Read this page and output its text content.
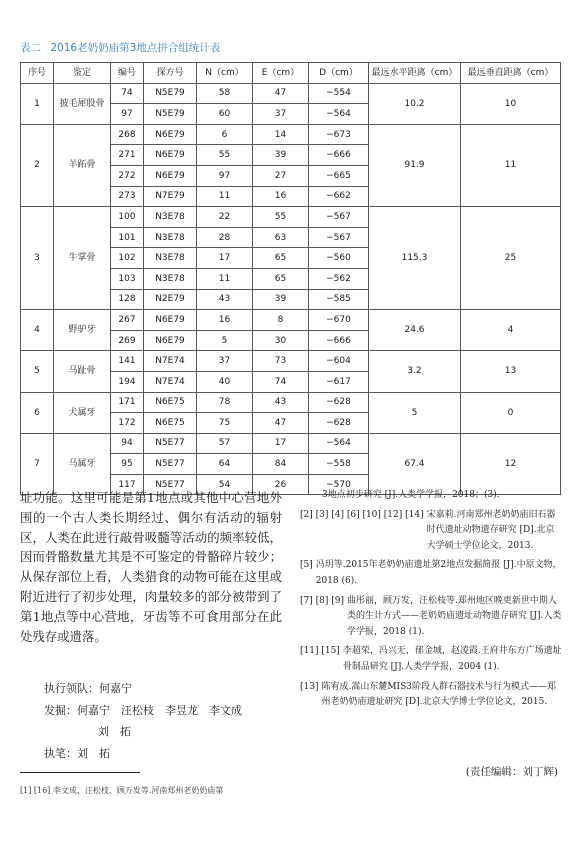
表二 2016老奶奶庙第3地点拼合组统计表
序号	鉴定	编号	探方号	N（cm）	E（cm）	D（cm）	最远水平距离（cm）	最远垂直距离（cm）
1	披毛犀股骨	74	N5E79	58	47	−554	10.2	10
		97	N5E79	60	37	−564		
2	羊跖骨	268	N6E79	6	14	−673	91.9	11
		271	N6E79	55	39	−666		
		272	N6E79	97	27	−665		
		273	N7E79	11	16	−662		
3	牛掌骨	100	N3E78	22	55	−567	115.3	25
		101	N3E78	28	63	−567		
		102	N3E78	17	65	−560		
		103	N3E78	11	65	−562		
		128	N2E79	43	39	−585		
4	野驴牙	267	N6E79	16	8	−670	24.6	4
		269	N6E79	5	30	−666		
5	马趾骨	141	N7E74	37	73	−604	3.2	13
		194	N7E74	40	74	−617		
6	犬属牙	171	N6E75	78	43	−628	5	0
		172	N6E75	75	47	−628		
7	马属牙	94	N5E77	57	17	−564	67.4	12
		95	N5E77	64	84	−558		
		117	N5E77	54	26	−570		

址功能。这里可能是第1地点或其他中心营地外围的一个古人类长期经过、偶尔有活动的辐射区，人类在此进行敲骨吸髓等活动的频率较低，因而骨骼数量尤其是不可鉴定的骨骼碎片较少；从保存部位上看，人类猎食的动物可能在这里或附近进行了初步处理，肉量较多的部分被带到了第1地点等中心营地，牙齿等不可食用部分在此处残存或遗落。

执行领队：何嘉宁
发掘：何嘉宁　汪松枝　李昱龙　李文成
刘　拓
执笔：刘　拓
[1] [16] 李文成、汪松枝、顾万发等.河南郑州老奶奶庙第
3地点初步研究 [J].人类学学报，2018；(3).
[2] [3] [4] [6] [10] [12] [14] 宋嘉莉.河南郑州老奶奶庙旧石器时代遗址动物遗存研究 [D].北京大学硕士学位论文，2013.
[5] 冯玥等.2015年老奶奶庙遗址第2地点发掘简报 [J].中原文物，2018 (6).
[7] [8] [9] 曲彤丽，顾万发，汪松枝等.郑州地区晚更新世中期人类的生计方式——老奶奶庙遗址动物遗存研究 [J].人类学学报，2018 (1).
[11] [15] 李超荣，冯兴无，郁金城，赵凌霞.王府井东方广场遗址骨制品研究 [J].人类学学报，2004 (1).
[13] 陈宥成.嵩山东麓MIS3阶段人群石器技术与行为模式——郑州老奶奶庙遗址研究 [D].北京大学博士学位论文，2015.
(责任编辑：刘丁辉)
